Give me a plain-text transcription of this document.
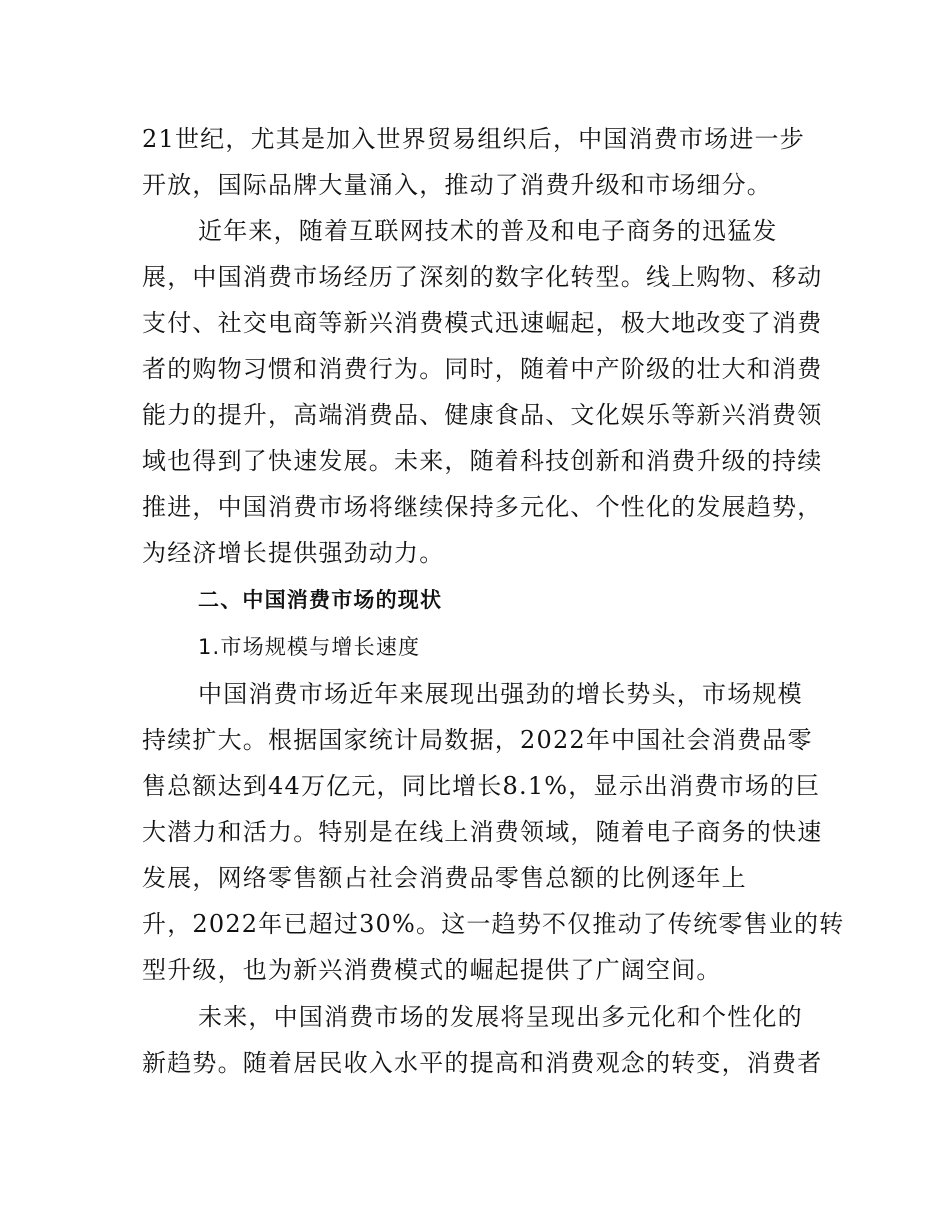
21世纪，尤其是加入世界贸易组织后，中国消费市场进一步
开放，国际品牌大量涌入，推动了消费升级和市场细分。
近年来，随着互联网技术的普及和电子商务的迅猛发
展，中国消费市场经历了深刻的数字化转型。线上购物、移动
支付、社交电商等新兴消费模式迅速崛起，极大地改变了消费
者的购物习惯和消费行为。同时，随着中产阶级的壮大和消费
能力的提升，高端消费品、健康食品、文化娱乐等新兴消费领
域也得到了快速发展。未来，随着科技创新和消费升级的持续
推进，中国消费市场将继续保持多元化、个性化的发展趋势，
为经济增长提供强劲动力。
二、中国消费市场的现状
1.市场规模与增长速度
中国消费市场近年来展现出强劲的增长势头，市场规模
持续扩大。根据国家统计局数据，2022年中国社会消费品零
售总额达到44万亿元，同比增长8.1%，显示出消费市场的巨
大潜力和活力。特别是在线上消费领域，随着电子商务的快速
发展，网络零售额占社会消费品零售总额的比例逐年上
升，2022年已超过30%。这一趋势不仅推动了传统零售业的转
型升级，也为新兴消费模式的崛起提供了广阔空间。
未来，中国消费市场的发展将呈现出多元化和个性化的
新趋势。随着居民收入水平的提高和消费观念的转变，消费者
